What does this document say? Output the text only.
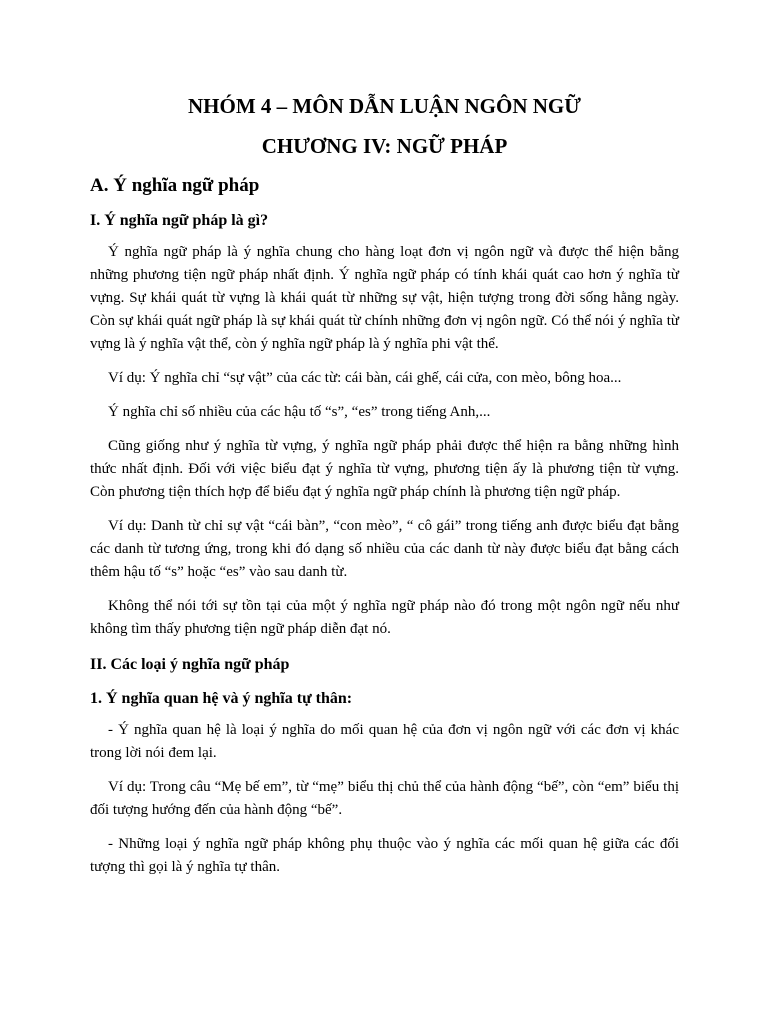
NHÓM 4 – MÔN DẪN LUẬN NGÔN NGỮ
CHƯƠNG IV: NGỮ PHÁP
A. Ý nghĩa ngữ pháp
I. Ý nghĩa ngữ pháp là gì?

Ý nghĩa ngữ pháp là ý nghĩa chung cho hàng loạt đơn vị ngôn ngữ và được thể hiện bằng những phương tiện ngữ pháp nhất định. Ý nghĩa ngữ pháp có tính khái quát cao hơn ý nghĩa từ vựng. Sự khái quát từ vựng là khái quát từ những sự vật, hiện tượng trong đời sống hằng ngày. Còn sự khái quát ngữ pháp là sự khái quát từ chính những đơn vị ngôn ngữ. Có thể nói ý nghĩa từ vựng là ý nghĩa vật thể, còn ý nghĩa ngữ pháp là ý nghĩa phi vật thể.

Ví dụ: Ý nghĩa chỉ “sự vật” của các từ: cái bàn, cái ghế, cái cửa, con mèo, bông hoa...

Ý nghĩa chỉ số nhiều của các hậu tố “s”, “es” trong tiếng Anh,...

Cũng giống như ý nghĩa từ vựng, ý nghĩa ngữ pháp phải được thể hiện ra bằng những hình thức nhất định. Đối với việc biểu đạt ý nghĩa từ vựng, phương tiện ấy là phương tiện từ vựng. Còn phương tiện thích hợp để biểu đạt ý nghĩa ngữ pháp chính là phương tiện ngữ pháp.

Ví dụ: Danh từ chỉ sự vật “cái bàn”, “con mèo”, “ cô gái” trong tiếng anh được biểu đạt bằng các danh từ tương ứng, trong khi đó dạng số nhiều của các danh từ này được biểu đạt bằng cách thêm hậu tố “s” hoặc “es” vào sau danh từ.

Không thể nói tới sự tồn tại của một ý nghĩa ngữ pháp nào đó trong một ngôn ngữ nếu như không tìm thấy phương tiện ngữ pháp diễn đạt nó.

II. Các loại ý nghĩa ngữ pháp
1. Ý nghĩa quan hệ và ý nghĩa tự thân:

- Ý nghĩa quan hệ là loại ý nghĩa do mối quan hệ của đơn vị ngôn ngữ với các đơn vị khác trong lời nói đem lại.

Ví dụ: Trong câu “Mẹ bế em”, từ “mẹ” biểu thị chủ thể của hành động “bế”, còn “em” biểu thị đối tượng hướng đến của hành động “bế”.

- Những loại ý nghĩa ngữ pháp không phụ thuộc vào ý nghĩa các mối quan hệ giữa các đối tượng thì gọi là ý nghĩa tự thân.
